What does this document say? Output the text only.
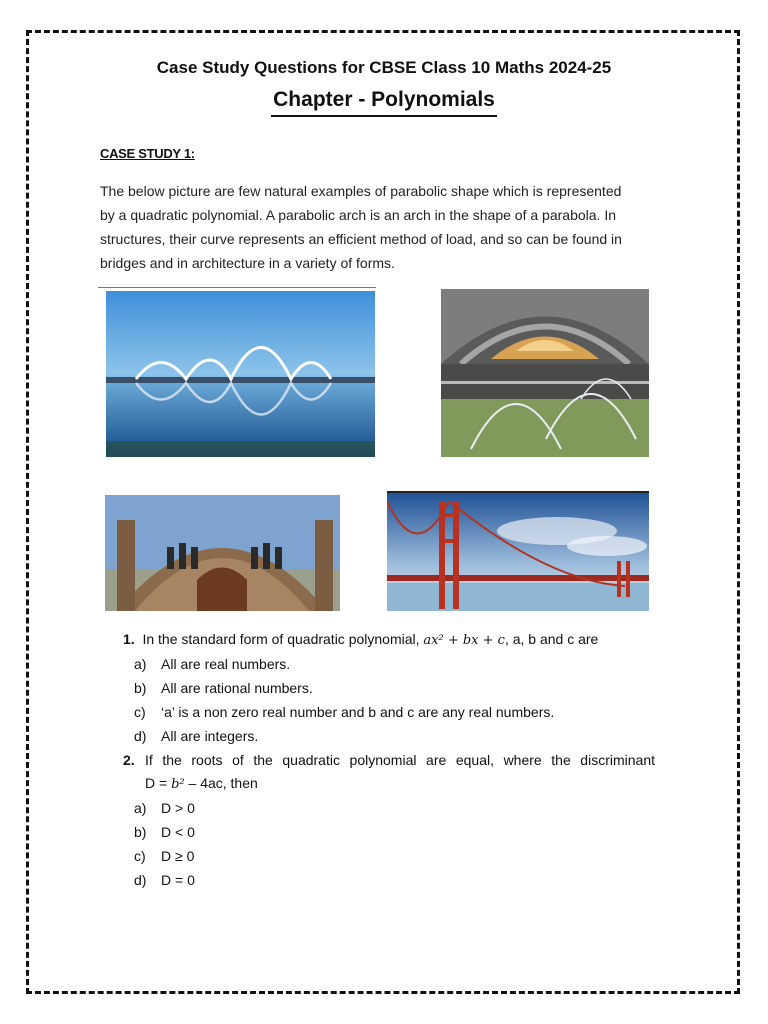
Case Study Questions for CBSE Class 10 Maths 2024-25
Chapter - Polynomials
CASE STUDY 1:
The below picture are few natural examples of parabolic shape which is represented
by a quadratic polynomial. A parabolic arch is an arch in the shape of a parabola. In
structures, their curve represents an efficient method of load, and so can be found in
bridges and in architecture in a variety of forms.
1. In the standard form of quadratic polynomial, ax² + bx + c, a, b and c are
a) All are real numbers.
b) All are rational numbers.
c) ‘a’ is a non zero real number and b and c are any real numbers.
d) All are integers.
2. If the roots of the quadratic polynomial are equal, where the discriminant
D = b² – 4ac, then
a) D > 0
b) D < 0
c) D ≥ 0
d) D = 0
